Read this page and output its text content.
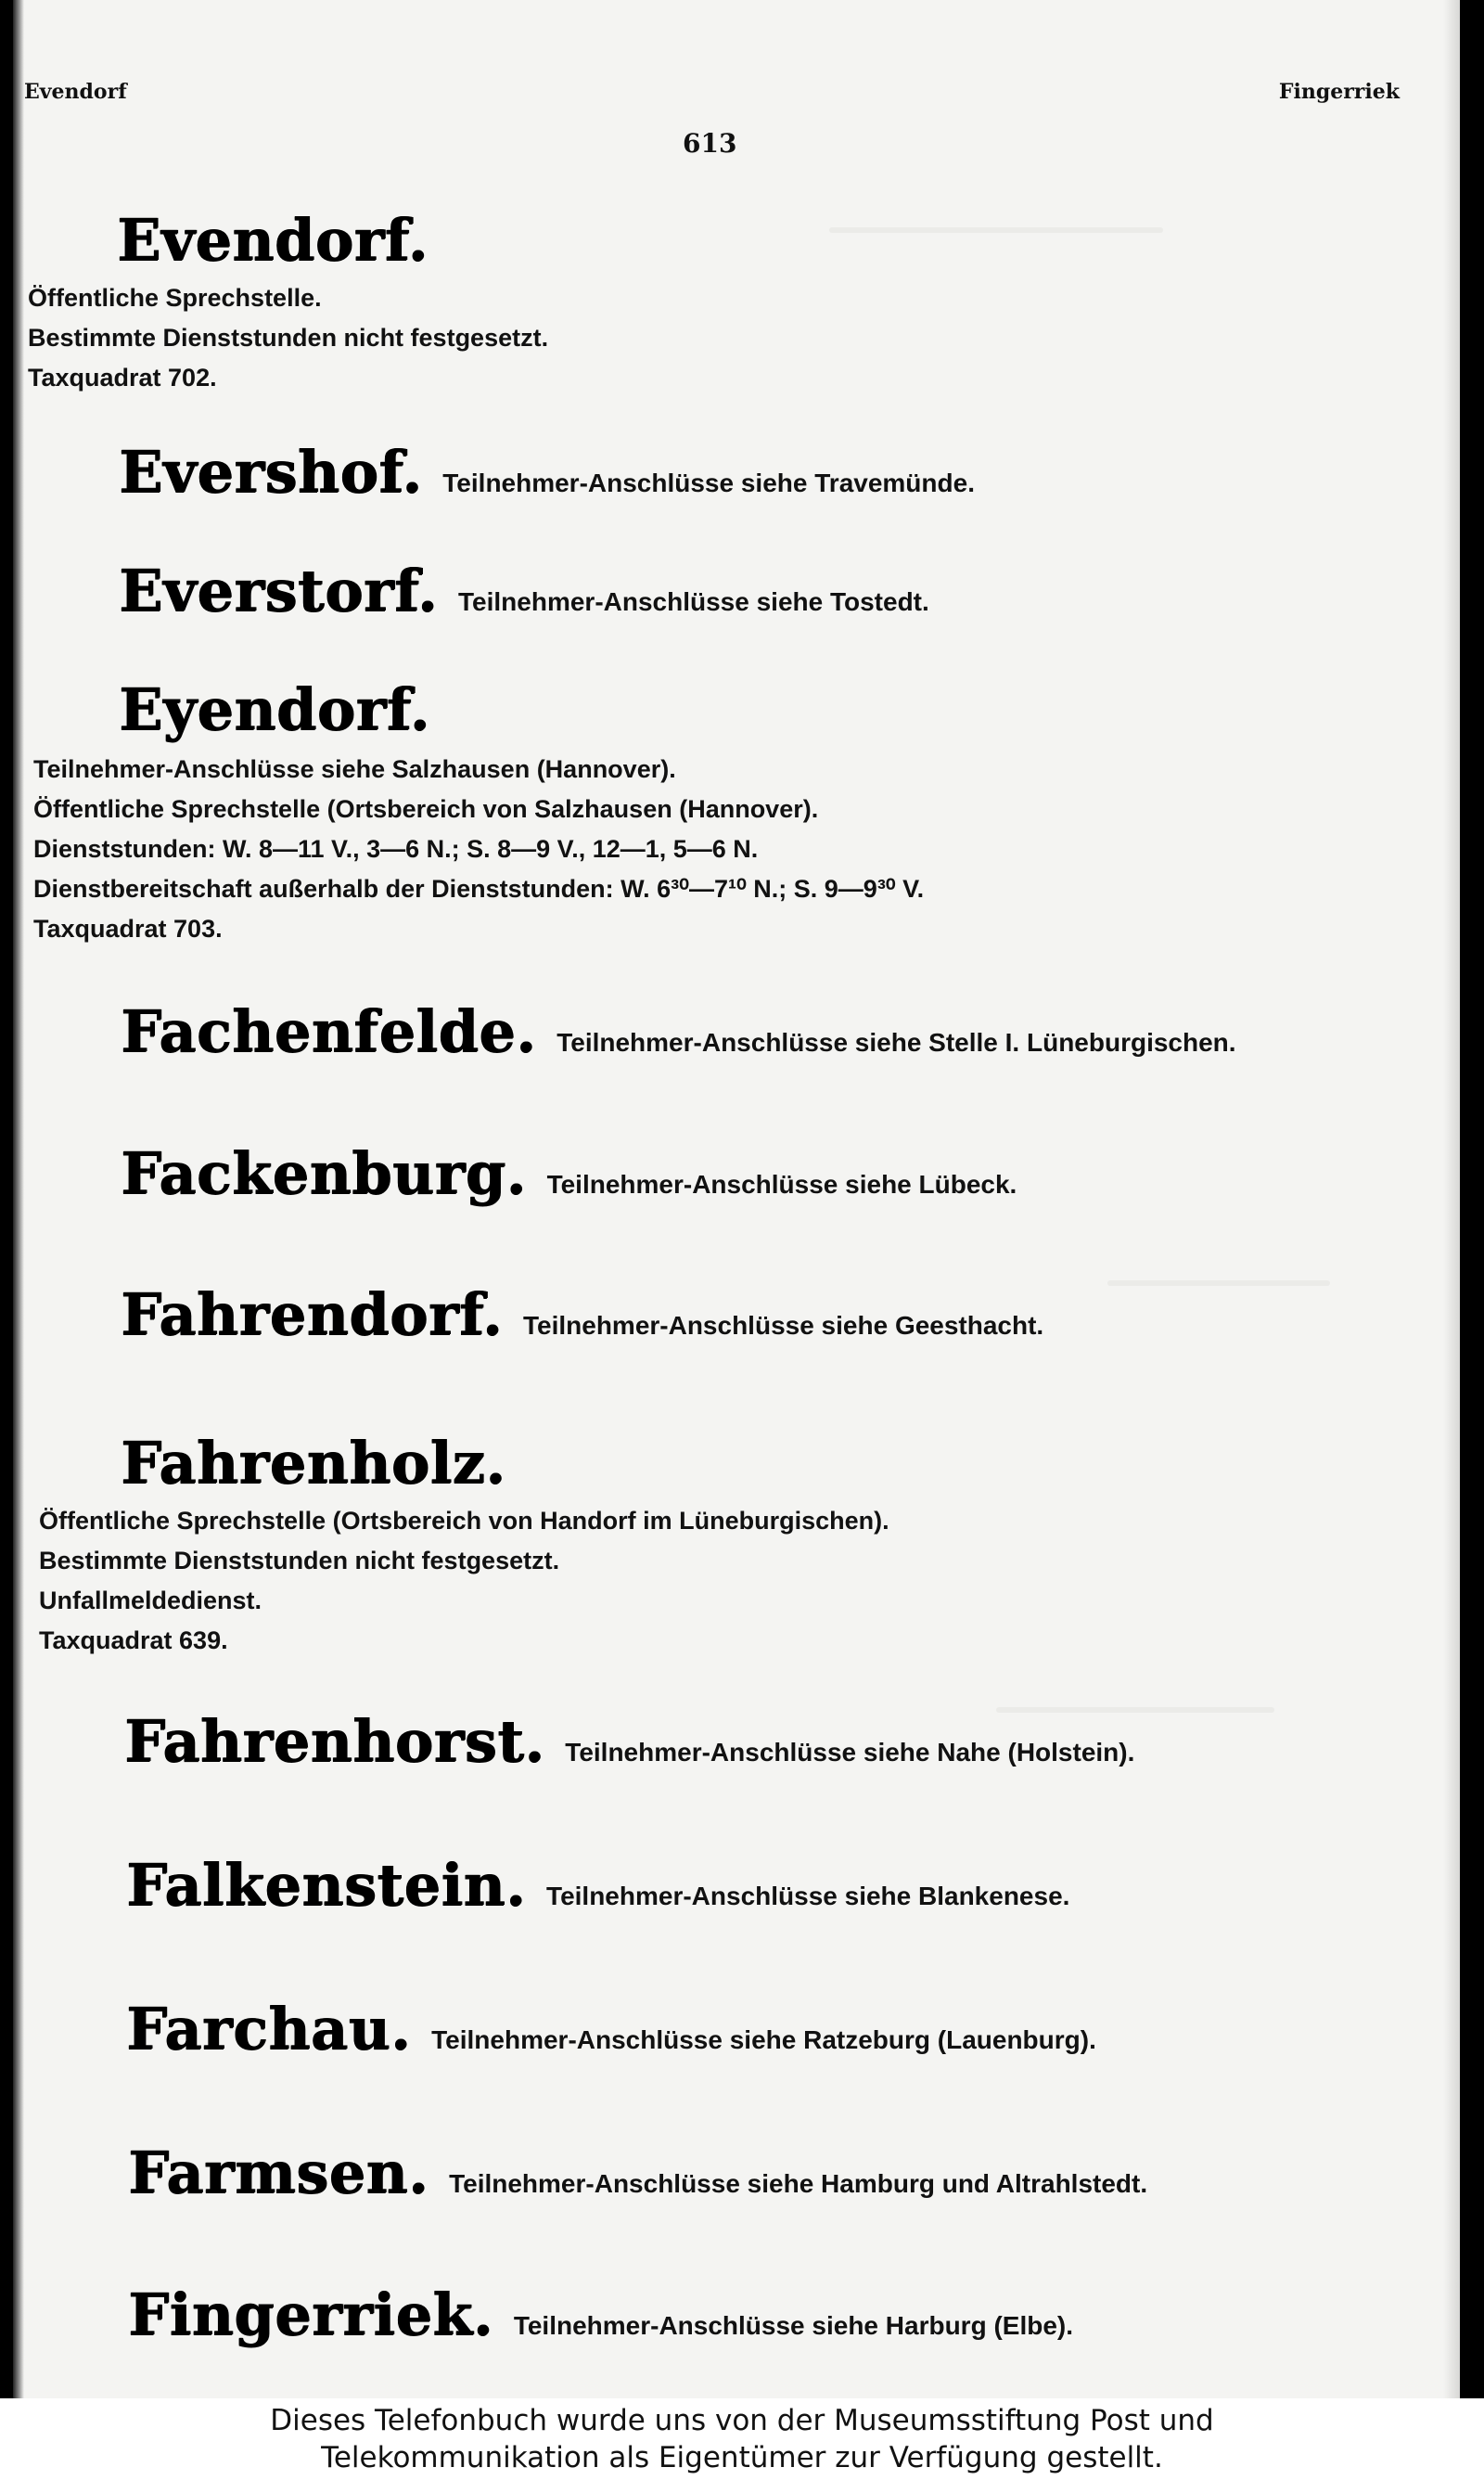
Evendorf	Fingerriek
613
Evendorf.
Öffentliche Sprechstelle.
Bestimmte Dienststunden nicht festgesetzt.
Taxquadrat 702.
Evershof. Teilnehmer-Anschlüsse siehe Travemünde.
Everstorf. Teilnehmer-Anschlüsse siehe Tostedt.
Eyendorf.
Teilnehmer-Anschlüsse siehe Salzhausen (Hannover).
Öffentliche Sprechstelle (Ortsbereich von Salzhausen (Hannover).
Dienststunden: W. 8—11 V., 3—6 N.; S. 8—9 V., 12—1, 5—6 N.
Dienstbereitschaft außerhalb der Dienststunden: W. 6³⁰—7¹⁰ N.; S. 9—9³⁰ V.
Taxquadrat 703.
Fachenfelde. Teilnehmer-Anschlüsse siehe Stelle I. Lüneburgischen.
Fackenburg. Teilnehmer-Anschlüsse siehe Lübeck.
Fahrendorf. Teilnehmer-Anschlüsse siehe Geesthacht.
Fahrenholz.
Öffentliche Sprechstelle (Ortsbereich von Handorf im Lüneburgischen).
Bestimmte Dienststunden nicht festgesetzt.
Unfallmeldedienst.
Taxquadrat 639.
Fahrenhorst. Teilnehmer-Anschlüsse siehe Nahe (Holstein).
Falkenstein. Teilnehmer-Anschlüsse siehe Blankenese.
Farchau. Teilnehmer-Anschlüsse siehe Ratzeburg (Lauenburg).
Farmsen. Teilnehmer-Anschlüsse siehe Hamburg und Altrahlstedt.
Fingerriek. Teilnehmer-Anschlüsse siehe Harburg (Elbe).
Dieses Telefonbuch wurde uns von der Museumsstiftung Post und
Telekommunikation als Eigentümer zur Verfügung gestellt.
